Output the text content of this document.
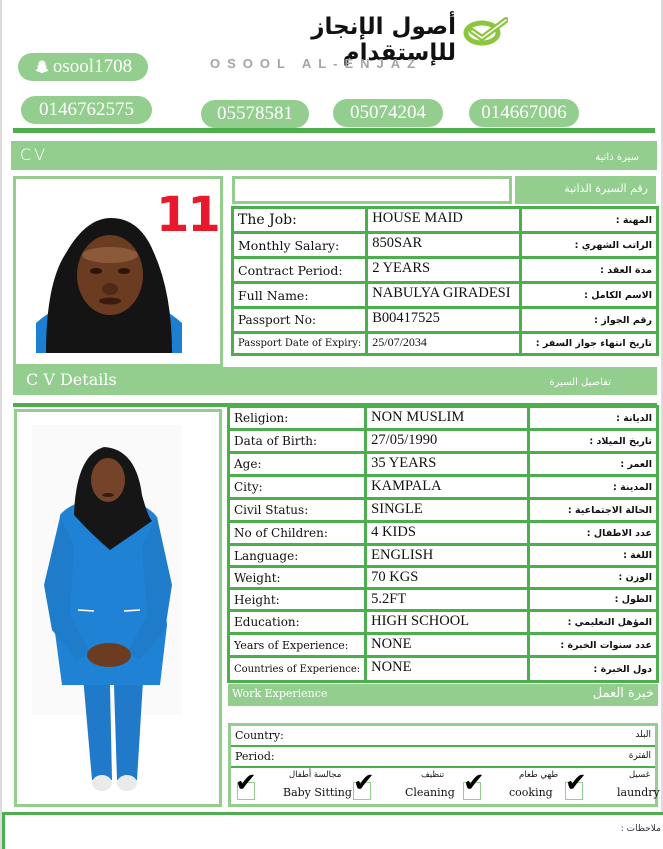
أصول الإنجاز للإستقدام
OSOOL AL-ENJAZ
osool1708
0146762575	05578581	05074204	014667006
CV	سيرة ذاتية
11	رقم السيرة الذاتية
The Job:	HOUSE MAID	المهنة :

Monthly Salary:	850SAR	الراتب الشهري :

Contract Period:	2 YEARS	مدة العقد :

Full Name:	NABULYA GIRADESI	الاسم الكامل :

Passport No:	B00417525	رقم الجواز :

Passport Date of Expiry:	25/07/2034	تاريخ انتهاء جواز السفر :
C V Details	تفاصيل السيرة
Religion:	NON MUSLIM	الديانة :

Data of Birth:	27/05/1990	تاريخ الميلاد :

Age:	35 YEARS	العمر :

City:	KAMPALA	المدينة :

Civil Status:	SINGLE	الحالة الاجتماعية :

No of Children:	4 KIDS	عدد الاطفال :

Language:	ENGLISH	اللغة :

Weight:	70 KGS	الوزن :

Height:	5.2FT	الطول :

Education:	HIGH SCHOOL	المؤهل التعليمي :

Years of Experience:	NONE	عدد سنوات الخبرة :

Countries of Experience:	NONE	دول الخبرة :
Work Experience	خبرة العمل
Country:	البلد
Period:	الفترة
✔	مجالسة أطفال
Baby Sitting ✔	تنظيف
Cleaning ✔	طهي طعام
cooking ✔	غسيل
laundry
ملاحظات :
